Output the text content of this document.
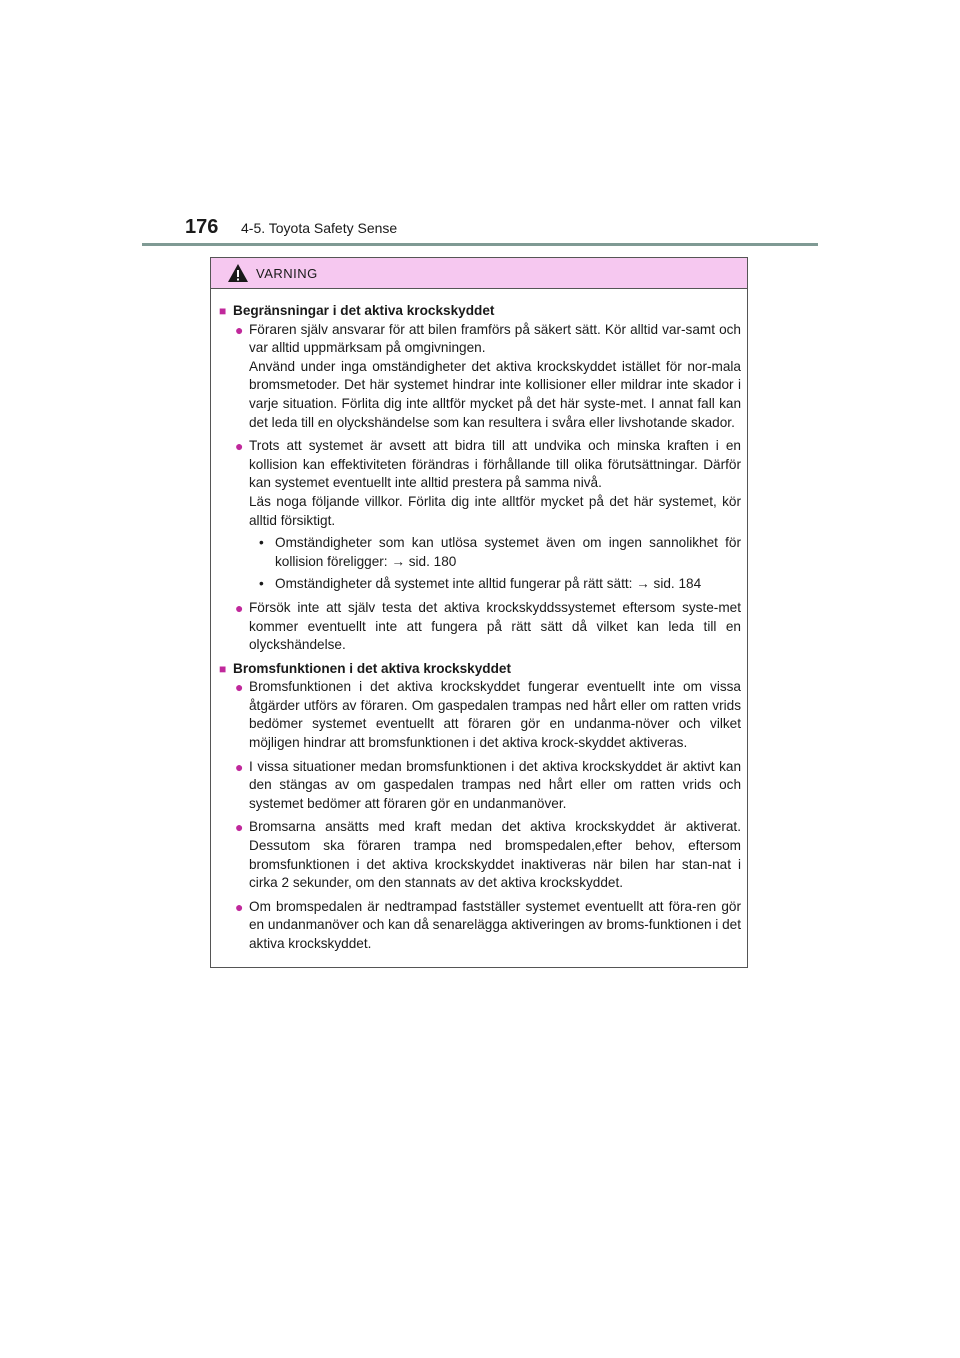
176	4-5. Toyota Safety Sense
VARNING
■ Begränsningar i det aktiva krockskyddet
● Föraren själv ansvarar för att bilen framförs på säkert sätt. Kör alltid var-samt och var alltid uppmärksam på omgivningen.

Använd under inga omständigheter det aktiva krockskyddet istället för nor-mala bromsmetoder. Det här systemet hindrar inte kollisioner eller mildrar inte skador i varje situation. Förlita dig inte alltför mycket på det här syste-met. I annat fall kan det leda till en olyckshändelse som kan resultera i svåra eller livshotande skador.

● Trots att systemet är avsett att bidra till att undvika och minska kraften i en kollision kan effektiviteten förändras i förhållande till olika förutsättningar. Därför kan systemet eventuellt inte alltid prestera på samma nivå.

Läs noga följande villkor. Förlita dig inte alltför mycket på det här systemet, kör alltid försiktigt.

• Omständigheter som kan utlösa systemet även om ingen sannolikhet för kollision föreligger: → sid. 180
• Omständigheter då systemet inte alltid fungerar på rätt sätt: → sid. 184
● Försök inte att själv testa det aktiva krockskyddssystemet eftersom syste-met kommer eventuellt inte att fungera på rätt sätt då vilket kan leda till en olyckshändelse.

■ Bromsfunktionen i det aktiva krockskyddet
● Bromsfunktionen i det aktiva krockskyddet fungerar eventuellt inte om vissa åtgärder utförs av föraren. Om gaspedalen trampas ned hårt eller om ratten vrids bedömer systemet eventuellt att föraren gör en undanma-növer och vilket möjligen hindrar att bromsfunktionen i det aktiva krock-skyddet aktiveras.

● I vissa situationer medan bromsfunktionen i det aktiva krockskyddet är aktivt kan den stängas av om gaspedalen trampas ned hårt eller om ratten vrids och systemet bedömer att föraren gör en undanmanöver.

● Bromsarna ansätts med kraft medan det aktiva krockskyddet är aktiverat. Dessutom ska föraren trampa ned bromspedalen,efter behov, eftersom bromsfunktionen i det aktiva krockskyddet inaktiveras när bilen har stan-nat i cirka 2 sekunder, om den stannats av det aktiva krockskyddet.

● Om bromspedalen är nedtrampad fastställer systemet eventuellt att föra-ren gör en undanmanöver och kan då senarelägga aktiveringen av broms-funktionen i det aktiva krockskyddet.
